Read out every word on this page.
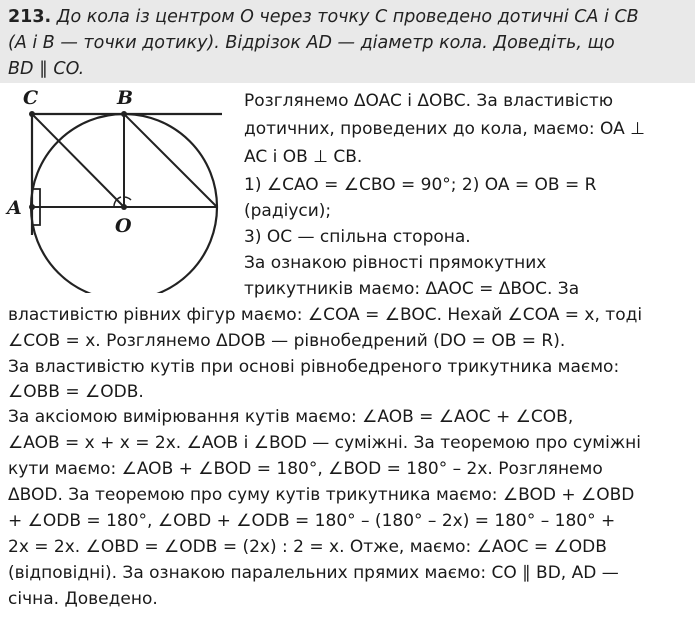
213. До кола із центром O через точку C проведено дотичні CA і CB
(A і B — точки дотику). Відрізок AD — діаметр кола. Доведіть, що
BD ∥ CO.
C	B
A
O
Розглянемо ΔOAC і ΔOBC. За властивістю
дотичних, проведених до кола, маємо: OA ⊥
AC і OB ⊥ CB.
1) ∠CAO = ∠CBO = 90°; 2) OA = OB = R
(радіуси);
3) OC — спільна сторона.
За ознакою рівності прямокутних
трикутників маємо: ΔAOC = ΔBOC. За
властивістю рівних фігур маємо: ∠COA = ∠BOC. Нехай ∠COA = x, тоді
∠COB = x. Розглянемо ΔDOB — рівнобедрений (DO = OB = R).
За властивістю кутів при основі рівнобедреного трикутника маємо:
∠OBB = ∠ODB.
За аксіомою вимірювання кутів маємо: ∠AOB = ∠AOC + ∠COB,
∠AOB = x + x = 2x. ∠AOB і ∠BOD — суміжні. За теоремою про суміжні
кути маємо: ∠AOB + ∠BOD = 180°, ∠BOD = 180° – 2x. Розглянемо
ΔBOD. За теоремою про суму кутів трикутника маємо: ∠BOD + ∠OBD
+ ∠ODB = 180°, ∠OBD + ∠ODB = 180° – (180° – 2x) = 180° – 180° +
2x = 2x. ∠OBD = ∠ODB = (2x) : 2 = x. Отже, маємо: ∠AOC = ∠ODB
(відповідні). За ознакою паралельних прямих маємо: CO ∥ BD, AD —
січна. Доведено.
